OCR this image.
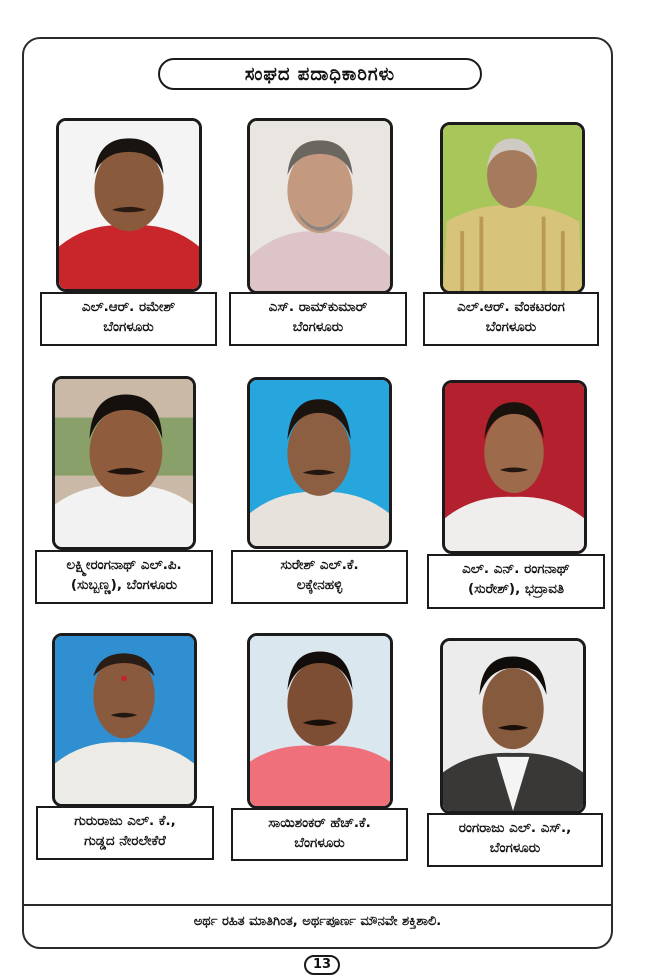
ಸಂಘದ ಪದಾಧಿಕಾರಿಗಳು
ಎಲ್.ಆರ್. ರಮೇಶ್
ಬೆಂಗಳೂರು
ಎಸ್. ರಾಮ್‌ಕುಮಾರ್
ಬೆಂಗಳೂರು
ಎಲ್.ಆರ್. ವೆಂಕಟರಂಗ
ಬೆಂಗಳೂರು
ಲಕ್ಷ್ಮೀರಂಗನಾಥ್ ಎಲ್.ಪಿ.
(ಸುಬ್ಬಣ್ಣ), ಬೆಂಗಳೂರು
ಸುರೇಶ್ ಎಲ್.ಕೆ.
ಲಕ್ಕೇನಹಳ್ಳಿ
ಎಲ್. ಎನ್. ರಂಗನಾಥ್
(ಸುರೇಶ್), ಭದ್ರಾವತಿ
ಗುರುರಾಜು ಎಲ್. ಕೆ.,
ಗುಡ್ಡದ ನೇರಲೇಕೆರೆ
ಸಾಯಿಶಂಕರ್ ಹೆಚ್.ಕೆ.
ಬೆಂಗಳೂರು
ರಂಗರಾಜು ಎಲ್. ಎಸ್.,
ಬೆಂಗಳೂರು
ಅರ್ಥ ರಹಿತ ಮಾತಿಗಿಂತ, ಅರ್ಥಪೂರ್ಣ ಮೌನವೇ ಶಕ್ತಿಶಾಲಿ.
13
